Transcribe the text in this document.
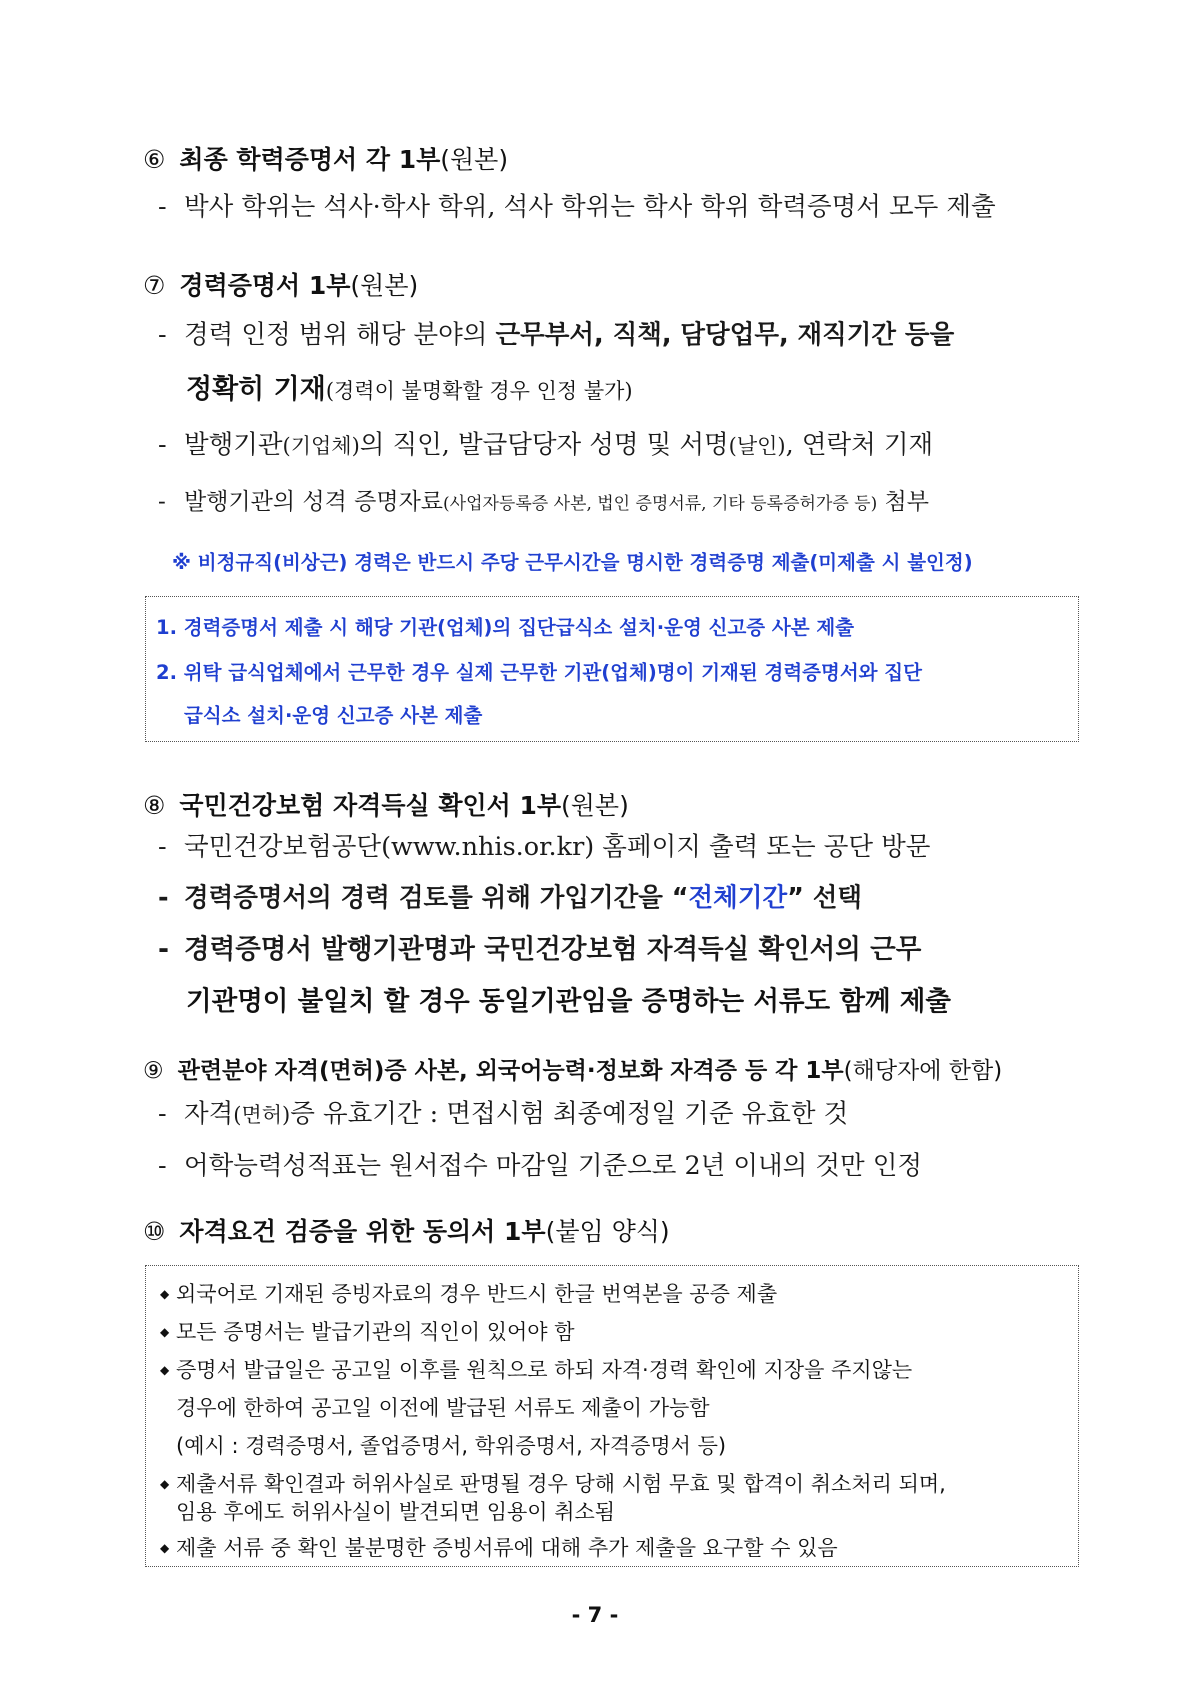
⑥ 최종 학력증명서 각 1부(원본)
- 박사 학위는 석사·학사 학위, 석사 학위는 학사 학위 학력증명서 모두 제출
⑦ 경력증명서 1부(원본)
- 경력 인정 범위 해당 분야의 근무부서, 직책, 담당업무, 재직기간 등을
정확히 기재(경력이 불명확할 경우 인정 불가)
- 발행기관(기업체)의 직인, 발급담당자 성명 및 서명(날인), 연락처 기재
- 발행기관의 성격 증명자료(사업자등록증 사본, 법인 증명서류, 기타 등록증허가증 등) 첨부
※ 비정규직(비상근) 경력은 반드시 주당 근무시간을 명시한 경력증명 제출(미제출 시 불인정)
1. 경력증명서 제출 시 해당 기관(업체)의 집단급식소 설치·운영 신고증 사본 제출
2. 위탁 급식업체에서 근무한 경우 실제 근무한 기관(업체)명이 기재된 경력증명서와 집단
급식소 설치·운영 신고증 사본 제출
⑧ 국민건강보험 자격득실 확인서 1부(원본)
- 국민건강보험공단(www.nhis.or.kr) 홈페이지 출력 또는 공단 방문
- 경력증명서의 경력 검토를 위해 가입기간을 “전체기간” 선택
- 경력증명서 발행기관명과 국민건강보험 자격득실 확인서의 근무
기관명이 불일치 할 경우 동일기관임을 증명하는 서류도 함께 제출
⑨ 관련분야 자격(면허)증 사본, 외국어능력·정보화 자격증 등 각 1부(해당자에 한함)
- 자격(면허)증 유효기간 : 면접시험 최종예정일 기준 유효한 것
- 어학능력성적표는 원서접수 마감일 기준으로 2년 이내의 것만 인정
⑩ 자격요건 검증을 위한 동의서 1부(붙임 양식)
◆ 외국어로 기재된 증빙자료의 경우 반드시 한글 번역본을 공증 제출
◆ 모든 증명서는 발급기관의 직인이 있어야 함
◆ 증명서 발급일은 공고일 이후를 원칙으로 하되 자격·경력 확인에 지장을 주지않는
경우에 한하여 공고일 이전에 발급된 서류도 제출이 가능함
(예시 : 경력증명서, 졸업증명서, 학위증명서, 자격증명서 등)
◆ 제출서류 확인결과 허위사실로 판명될 경우 당해 시험 무효 및 합격이 취소처리 되며,
임용 후에도 허위사실이 발견되면 임용이 취소됨
◆ 제출 서류 중 확인 불분명한 증빙서류에 대해 추가 제출을 요구할 수 있음
- 7 -
